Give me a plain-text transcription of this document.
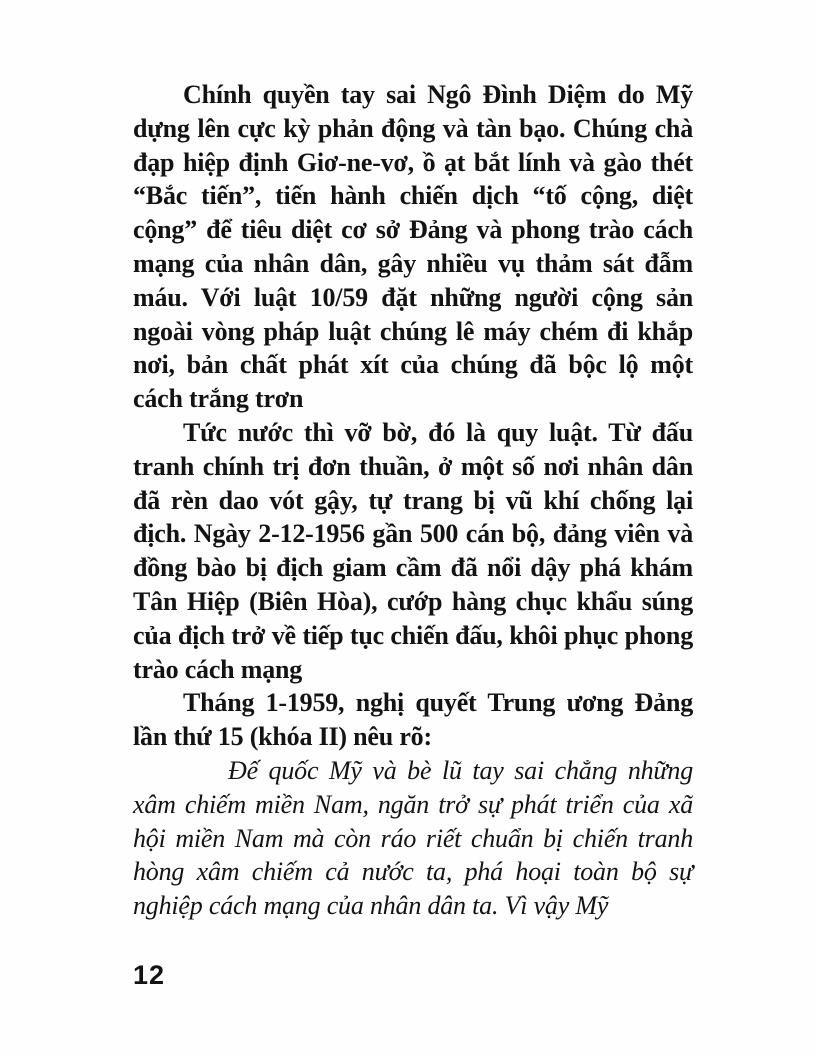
Chính quyền tay sai Ngô Đình Diệm do Mỹ dựng lên cực kỳ phản động và tàn bạo. Chúng chà đạp hiệp định Giơ-ne-vơ, ồ ạt bắt lính và gào thét “Bắc tiến”, tiến hành chiến dịch “tố cộng, diệt cộng” để tiêu diệt cơ sở Đảng và phong trào cách mạng của nhân dân, gây nhiều vụ thảm sát đẫm máu. Với luật 10/59 đặt những người cộng sản ngoài vòng pháp luật chúng lê máy chém đi khắp nơi, bản chất phát xít của chúng đã bộc lộ một cách trắng trơn

Tức nước thì vỡ bờ, đó là quy luật. Từ đấu tranh chính trị đơn thuần, ở một số nơi nhân dân đã rèn dao vót gậy, tự trang bị vũ khí chống lại địch. Ngày 2-12-1956 gần 500 cán bộ, đảng viên và đồng bào bị địch giam cầm đã nổi dậy phá khám Tân Hiệp (Biên Hòa), cướp hàng chục khẩu súng của địch trở về tiếp tục chiến đấu, khôi phục phong trào cách mạng

Tháng 1-1959, nghị quyết Trung ương Đảng lần thứ 15 (khóa II) nêu rõ:

Đế quốc Mỹ và bè lũ tay sai chẳng những xâm chiếm miền Nam, ngăn trở sự phát triển của xã hội miền Nam mà còn ráo riết chuẩn bị chiến tranh hòng xâm chiếm cả nước ta, phá hoại toàn bộ sự nghiệp cách mạng của nhân dân ta. Vì vậy Mỹ

12
